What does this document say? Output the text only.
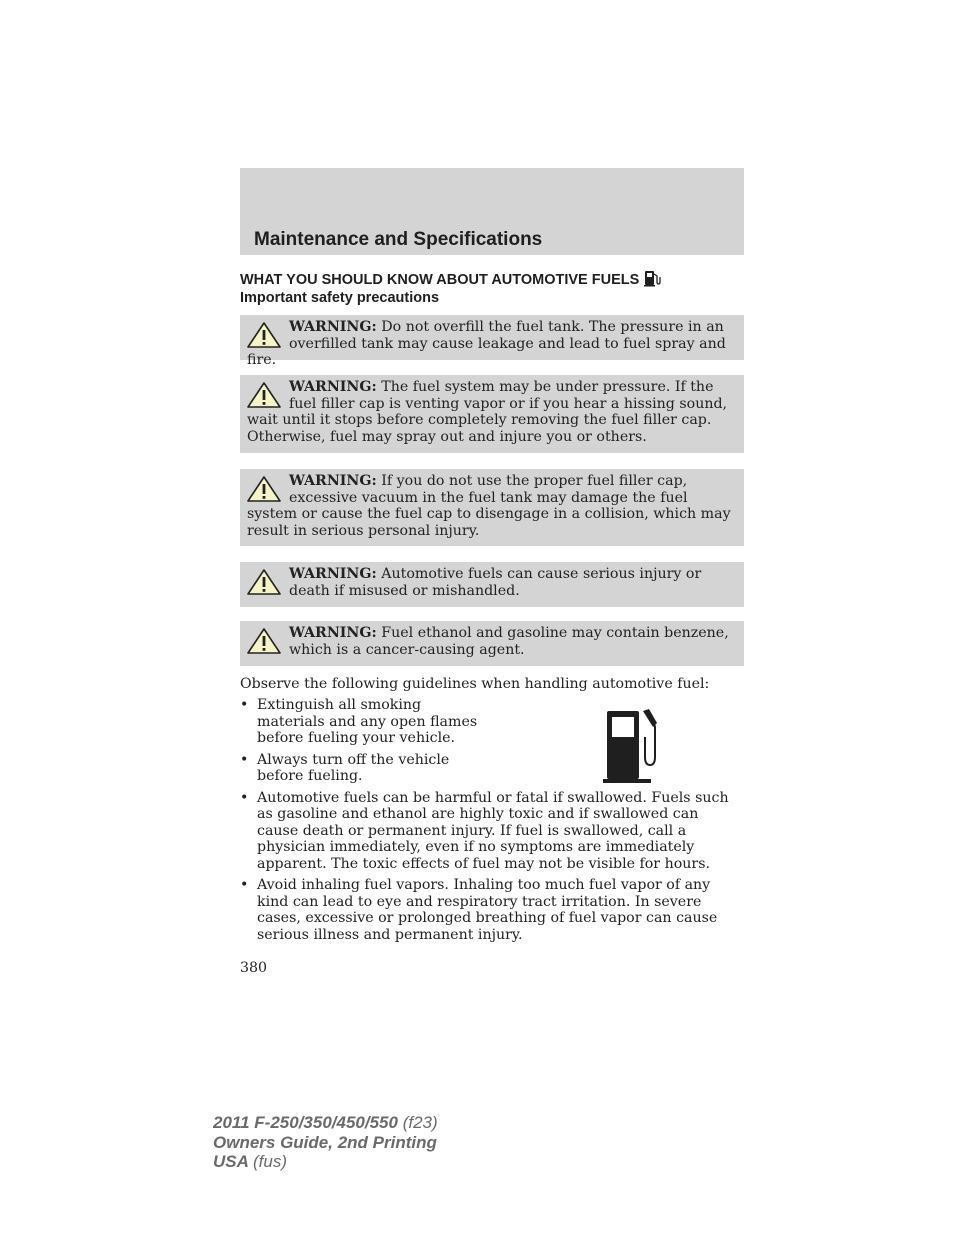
Maintenance and Specifications
WHAT YOU SHOULD KNOW ABOUT AUTOMOTIVE FUELS
Important safety precautions
WARNING: Do not overfill the fuel tank. The pressure in an overfilled tank may cause leakage and lead to fuel spray and fire.
WARNING: The fuel system may be under pressure. If the fuel filler cap is venting vapor or if you hear a hissing sound, wait until it stops before completely removing the fuel filler cap. Otherwise, fuel may spray out and injure you or others.
WARNING: If you do not use the proper fuel filler cap, excessive vacuum in the fuel tank may damage the fuel system or cause the fuel cap to disengage in a collision, which may result in serious personal injury.
WARNING: Automotive fuels can cause serious injury or death if misused or mishandled.
WARNING: Fuel ethanol and gasoline may contain benzene, which is a cancer-causing agent.

Observe the following guidelines when handling automotive fuel:

• Extinguish all smoking materials and any open flames before fueling your vehicle.
• Always turn off the vehicle before fueling.
• Automotive fuels can be harmful or fatal if swallowed. Fuels such as gasoline and ethanol are highly toxic and if swallowed can cause death or permanent injury. If fuel is swallowed, call a physician immediately, even if no symptoms are immediately apparent. The toxic effects of fuel may not be visible for hours.
• Avoid inhaling fuel vapors. Inhaling too much fuel vapor of any kind can lead to eye and respiratory tract irritation. In severe cases, excessive or prolonged breathing of fuel vapor can cause serious illness and permanent injury.

380

2011 F-250/350/450/550 (f23)
Owners Guide, 2nd Printing
USA (fus)
